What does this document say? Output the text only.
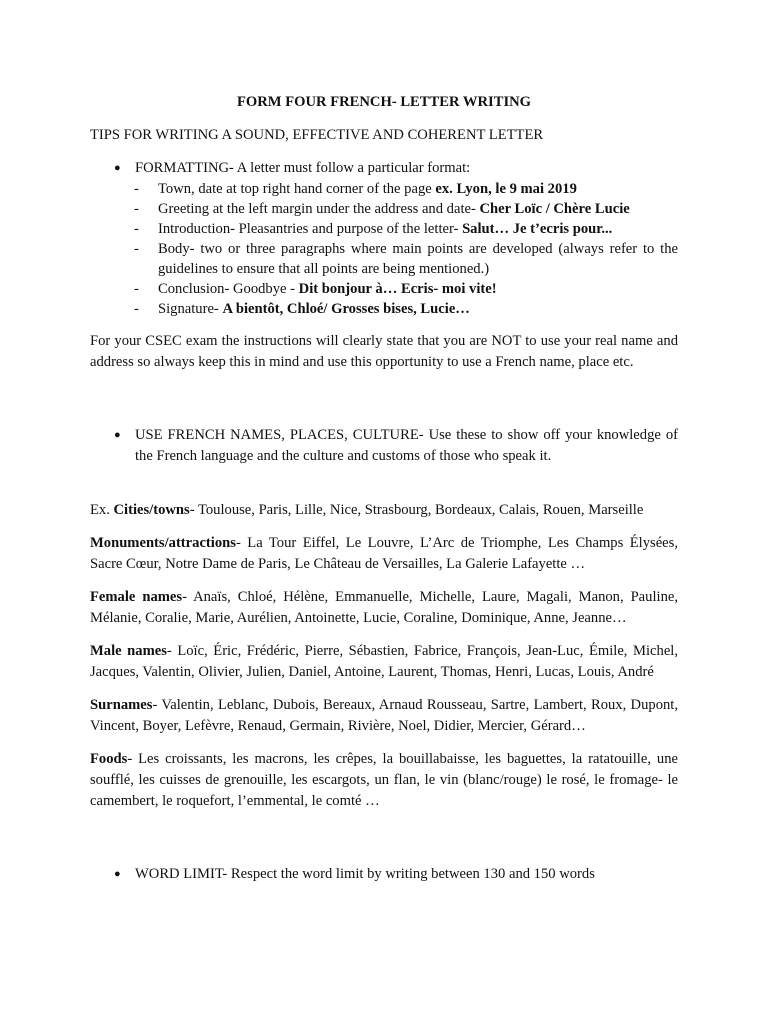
FORM FOUR FRENCH- LETTER WRITING
TIPS FOR WRITING A SOUND, EFFECTIVE AND COHERENT LETTER
● FORMATTING- A letter must follow a particular format:
- Town, date at top right hand corner of the page ex. Lyon, le 9 mai 2019
- Greeting at the left margin under the address and date- Cher Loïc / Chère Lucie
- Introduction- Pleasantries and purpose of the letter- Salut… Je t’ecris pour...
- Body- two or three paragraphs where main points are developed (always refer to the guidelines to ensure that all points are being mentioned.)
- Conclusion- Goodbye - Dit bonjour à… Ecris- moi vite!
- Signature- A bientôt, Chloé/ Grosses bises, Lucie…

For your CSEC exam the instructions will clearly state that you are NOT to use your real name and address so always keep this in mind and use this opportunity to use a French name, place etc.

● USE FRENCH NAMES, PLACES, CULTURE- Use these to show off your knowledge of the French language and the culture and customs of those who speak it.

Ex. Cities/towns- Toulouse, Paris, Lille, Nice, Strasbourg, Bordeaux, Calais, Rouen, Marseille

Monuments/attractions- La Tour Eiffel, Le Louvre, L’Arc de Triomphe, Les Champs Élysées, Sacre Cœur, Notre Dame de Paris, Le Château de Versailles, La Galerie Lafayette …

Female names- Anaïs, Chloé, Hélène, Emmanuelle, Michelle, Laure, Magali, Manon, Pauline, Mélanie, Coralie, Marie, Aurélien, Antoinette, Lucie, Coraline, Dominique, Anne, Jeanne…

Male names- Loïc, Éric, Frédéric, Pierre, Sébastien, Fabrice, François, Jean-Luc, Émile, Michel, Jacques, Valentin, Olivier, Julien, Daniel, Antoine, Laurent, Thomas, Henri, Lucas, Louis, André

Surnames- Valentin, Leblanc, Dubois, Bereaux, Arnaud Rousseau, Sartre, Lambert, Roux, Dupont, Vincent, Boyer, Lefèvre, Renaud, Germain, Rivière, Noel, Didier, Mercier, Gérard…

Foods- Les croissants, les macrons, les crêpes, la bouillabaisse, les baguettes, la ratatouille, une soufflé, les cuisses de grenouille, les escargots, un flan, le vin (blanc/rouge) le rosé, le fromage- le camembert, le roquefort, l’emmental, le comté …

● WORD LIMIT- Respect the word limit by writing between 130 and 150 words
